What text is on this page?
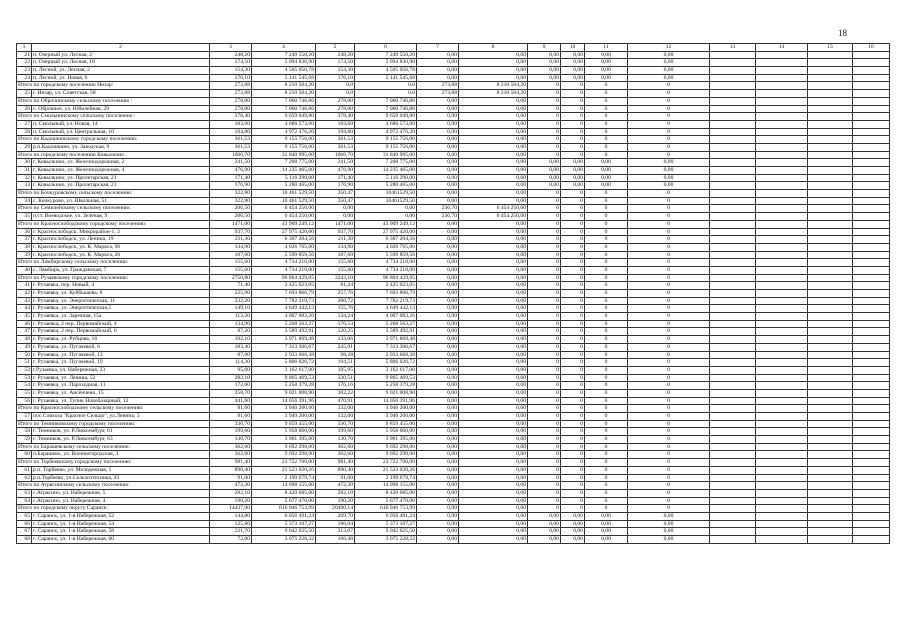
18
1	2	3	4	5	6	7	8	9	10	11	12	13	14	15	16
21	п. Озерный ул. Лесная, 2	248,20	7 249 550,20	248,20	7 249 550,20	0,00	0,00	0,00	0,00	0,00	0,00				
22	п. Озерный ул. Лесная, 10	174,50	5 094 830,90	174,50	5 094 830,90	0,00	0,00	0,00	0,00	0,00	0,00				
23	п. Лесной, ул. Лесная, 2	154,30	4 505 056,78	154,30	4 505 056,78	0,00	0,00	0,00	0,00	0,00	0,00				
24	п. Лесной, ул. Новая, 6	176,10	5 141 545,68	176,10	5 141 545,68	0,00	0,00	0,00	0,00	0,00	0,00				
Итого по городскому поселению Инзар:		273,88	8 210 504,20	0,0	0,0	273,88	8 210 504,20	0	0	0	0				
25	г. Инзар, ул. Советская, 58	273,88	8 210 504,20	0,0	0,0	273,88	8 210 504,20	0	0	0	0				
Итого по Оброчинскому сельскому поселению :		278,00	7 060 746,86	278,00	7 060 746,86	0,00	0,00	0	0	0	0				
26	с. Оброчное, ул. Юбилейная, 29	278,00	7 060 746,86	278,00	7 060 746,86	0,00	0,00	0	0	0	0				
Итого по Смольнинскому сельскому поселению :		378,40	9 659 049,80	378,40	9 659 049,80	0,00	0,00	0	0	0	0				
27	п. Смольный, ул. Новая, 14	183,60	4 686 573,60	183,60	4 686 573,60	0,00	0,00	0	0	0	0				
28	п. Смольный, ул. Центральная, 10	194,80	4 972 476,20	194,80	4 972 476,20	0,00	0,00	0	0	0	0				
Итого по Кадошкинскому городскому поселению:		361,53	9 155 756,00	361,53	9 155 756,00	0,00	0,00	0	0	0	0				
29	р.п.Кадошкино, ул. Заводская, 9	361,53	9 155 756,00	361,53	9 155 756,00	0,00	0,00	0	0	0	0				
Итого по городскому поселению Ковылкино :		1066,70	31 840 995,00	1066,70	31 840 995,00	0,00	0,00	0	0	0	0				
30	г. Ковылкино, ул. Железнодорожная, 2	241,50	7 208 775,00	241,50	7 208 775,00	0,00	0,00	0,00	0,00	0,00	0,00				
31	г. Ковылкино, ул. Железнодорожная, 4	476,90	14 235 465,00	476,90	14 235 465,00	0,00	0,00	0,00	0,00	0,00	0,00				
32	г. Ковылкино, ул. Пролетарская, 21	171,40	5 116 290,00	171,40	5 116 290,00	0,00	0,00	0,00	0,00	0,00	0,00				
33	г. Ковылкино, ул. Пролетарская, 23	176,90	5 280 465,00	176,90	5 280 465,00	0,00	0,00	0,00	0,00	0,00	0,00				
Итого по Кочкуровскому сельскому поселению:		322,80	10 461 529,50	350,47	10461529,50	0,00	0,00	0	0	0	0				
34	с. Кочкурово, ул. Школьная, 51	322,80	10 461 529,50	350,47	10461529,50	0,00	0,00	0	0	0	0				
Итого по Семилейскому сельскому поселению:		206,50	6 454 250,00	0,00	0,00	236,70	6 454 250,00	0	0	0	0				
35	п.ст. Воеводское, ул. Зеленая, 9	206,50	6 454 250,00	0,00	0,00	236,70	6 454 250,00	0	0	0	0				
Итого по Краснослободскому городскому поселению:		1471,00	43 909 249,12	1471,00	43 909 249,12	0,00	0,00	0	0	0	0				
36	г. Краснослободск, Микрорайон-1, 2	937,70	27 975 420,00	937,70	27 975 420,00	0,00	0,00	0	0	0	0				
37	г. Краснослободск, ул. Ленина, 19	211,30	6 307 204,56	211,30	6 307 204,56	0,00	0,00	0	0	0	0				
38	г. Краснослободск, ул. К. Маркса, 96	134,90	4 026 765,00	134,90	4 026 765,00	0,00	0,00	0	0	0	0				
39	г. Краснослободск, ул. К. Маркса, 26	187,60	5 599 859,56	187,60	5 599 859,56	0,00	0,00	0	0	0	0				
Итого по Ламбирскому сельскому поселению:		155,60	4 734 210,00	155,60	4 734 210,00	0,00	0,00	0	0	0	0				
40	с. Лямбирь, ул. Гражданская, 7	155,60	4 734 210,00	155,60	4 734 210,00	0,00	0,00	0	0	0	0				
Итого по Рузаевскому городскому поселению:		2750,80	96 804 429,05	3243,10	96 804 429,05	0,00	0,00	0	0	0	0				
41	г. Рузаевка, пер. Новый, 4	71,40	2 425 023,05	81,24	2 425 023,05	0,00	0,00	0	0	0	0				
42	г. Рузаевка, ул. Куйбышева, 8	225,90	7 693 866,79	257,76	7 693 866,79	0,00	0,00	0	0	0	0				
43	г. Рузаевка, ул. Энергетическая, 11	232,20	7 782 219,73	260,72	7 782 219,73	0,00	0,00	0	0	0	0				
44	г. Рузаевка, ул. Энергетическая,5	149,10	4 649 442,13	155,76	4 649 442,13	0,00	0,00	0	0	0	0				
45	г. Рузаевка, ул. Заречная, 15а	113,20	4 007 083,26	134,24	4 007 083,26	0,00	0,00	0	0	0	0				
46	г. Рузаевка, 2 пер. Первомайский, 4	134,90	5 268 563,27	176,53	5 268 563,27	0,00	0,00	0	0	0	0				
47	г. Рузаевка, 2 пер. Первомайский, 6	87,20	3 589 492,91	120,25	3 589 492,91	0,00	0,00	0	0	0	0				
48	г. Рузаевка, ул. Рубцова, 16	102,10	3 971 869,48	133,06	3 971 869,48	0,00	0,00	0	0	0	0				
49	г. Рузаевка, ул. Пугачевой, 6	183,40	7 313 306,67	245,01	7 313 306,67	0,00	0,00	0	0	0	0				
50	г. Рузаевка, ул. Пугачевой, 13	87,00	2 933 668,38	98,28	2 933 668,38	0,00	0,00	0	0	0	0				
51	г. Рузаевка, ул. Пугачевой, 19	114,30	5 806 026,72	194,51	5 806 026,72	0,00	0,00	0	0	0	0				
52	г.Рузаевка, ул. Набережная, 23	95,60	3 162 617,00	105,95	3 162 617,00	0,00	0,00	0	0	0	0				
53	г. Рузаевка, ул. Ленина, 52	282,10	9 865 469,53	330,51	9 865 469,53	0,00	0,00	0	0	0	0				
54	г. Рузаевка, ул. Пароходная, 11	172,60	5 258 379,28	176,16	5 258 379,28	0,00	0,00	0	0	0	0				
55	г. Рузаевка, ул. Ансёнчено, 15	258,70	9 021 008,90	302,22	9 021 008,90	0,00	0,00	0	0	0	0				
56	г. Рузаевка, ул. Тупик Новобазарный, 12	441,60	14 056 391,96	470,91	14 056 391,96	0,00	0,00	0	0	0	0				
Итого по Краснослободскому сельскому поселению:		81,60	3 940 200,00	132,00	3 940 200,00	0,00	0,00	0	0	0	0				
57	пос.Совхоза "Красное Сельцо", ул.Ленина, 3	81,60	3 940 200,00	132,00	3 940 200,00	0,00	0,00	0	0	0	0				
Итого по Темниковскому городскому поселению:		330,70	9 859 455,00	330,70	9 859 455,00	0,00	0,00	0	0	0	0				
58	г. Темников, ул. Р.Люксембург, 61	199,60	5 958 060,00	199,60	5 958 060,00	0,00	0,00	0	0	0	0				
59	г. Темников, ул. Р.Люксембург, 63	130,70	3 901 395,00	130,70	3 901 395,00	0,00	0,00	0	0	0	0				
Итого по Барашевскому сельскому поселению:		362,60	9 692 298,00	362,60	9 692 298,00	0,00	0,00	0	0	0	0				
60	п.Барашево, ул. Военногородская, 3	362,60	9 692 298,00	362,60	9 692 298,00	0,00	0,00	0	0	0	0				
Итого по Торбеевскому городскому поселению:		981,40	23 722 700,00	981,40	23 722 700,00	0,00	0,00	0	0	0	0				
61	р.п. Торбеево, ул. Молодежная, 1	890,40	21 523 020,26	890,40	21 523 020,26	0,00	0,00	0	0	0	0				
62	р.п.Торбеево, ул.Сельхозтехника, 43	91,00	2 199 679,74	91,00	2 199 679,74	0,00	0,00	0	0	0	0				
Итого по Атрясинскому сельскому поселению:		472,30	14 098 155,00	472,30	14 098 155,00	0,00	0,00	0	0	0	0				
63	с.Атрясино, ул. Набережная, 5	282,10	8 420 685,00	282,10	8 420 685,00	0,00	0,00	0	0	0	0				
64	с.Атрясино, ул. Набережная, 4	190,20	5 677 470,00	190,20	5 677 470,00	0,00	0,00	0	0	0	0				
Итого по городскому округу Саранск:		14437,00	616 946 753,99	20490,14	616 946 753,99	0,00	0,00	0	0	0	0				
65	г. Саранск, ул. 1-я Набережная, 52	144,80	6 056 491,24	209,70	6 056 491,24	0,00	0,00	0,00	0,00	0,00	0,00				
66	г. Саранск, ул. 1-я Набережная, 54	125,80	5 373 107,27	186,04	5 373 107,27	0,00	0,00	0,00	0,00	0,00	0,00				
67	г. Саранск, ул. 1-я Набережная, 58	211,70	9 042 025,50	313,07	9 042 025,50	0,00	0,00	0,00	0,00	0,00	0,00				
68	г. Саранск, ул. 1-я Набережная, 60	72,00	3 075 228,32	106,48	3 075 228,32	0,00	0,00	0,00	0,00	0,00	0,00				
